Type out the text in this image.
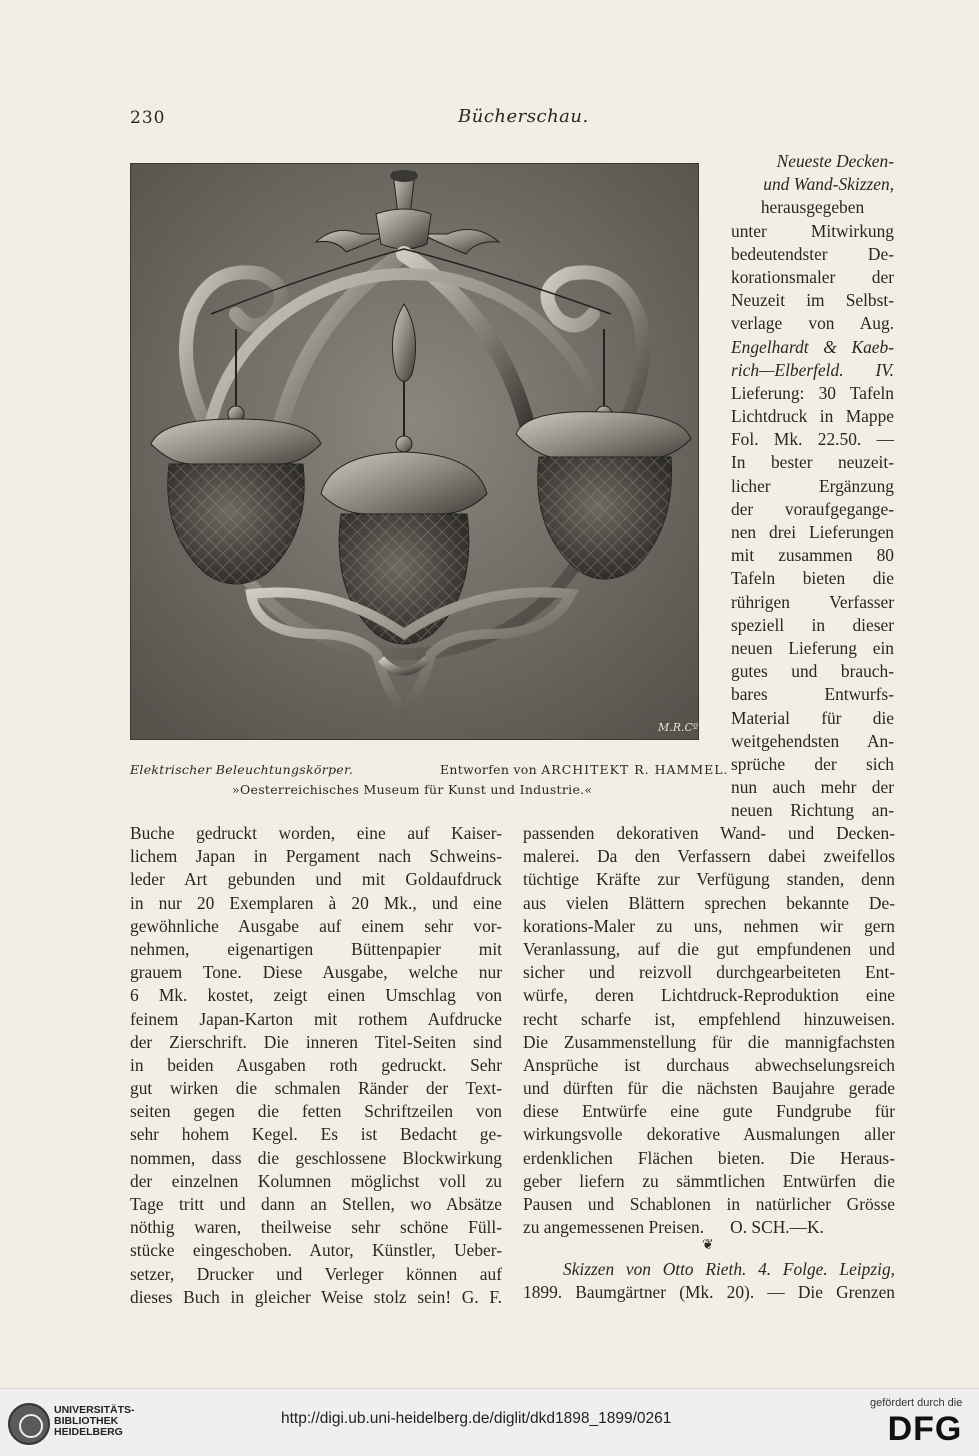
230	Bücherschau.
M.R.Cº
Elektrischer Beleuchtungskörper.	Entworfen von ARCHITEKT R. HAMMEL.
»Oesterreichisches Museum für Kunst und Industrie.«
Neueste Decken-
und Wand-Skizzen,
herausgegeben
unter Mitwirkung
bedeutendster De-
korationsmaler der
Neuzeit im Selbst-
verlage von Aug.
Engelhardt & Kaeb-
rich—Elberfeld. IV.
Lieferung: 30 Tafeln
Lichtdruck in Mappe
Fol. Mk. 22.50. —
In bester neuzeit-
licher Ergänzung
der voraufgegange-
nen drei Lieferungen
mit zusammen 80
Tafeln bieten die
rührigen Verfasser
speziell in dieser
neuen Lieferung ein
gutes und brauch-
bares Entwurfs-
Material für die
weitgehendsten An-
sprüche der sich
nun auch mehr der
neuen Richtung an-
Buche gedruckt worden, eine auf Kaiser-
lichem Japan in Pergament nach Schweins-
leder Art gebunden und mit Goldaufdruck
in nur 20 Exemplaren à 20 Mk., und eine
gewöhnliche Ausgabe auf einem sehr vor-
nehmen, eigenartigen Büttenpapier mit
grauem Tone. Diese Ausgabe, welche nur
6 Mk. kostet, zeigt einen Umschlag von
feinem Japan-Karton mit rothem Aufdrucke
der Zierschrift. Die inneren Titel-Seiten sind
in beiden Ausgaben roth gedruckt. Sehr
gut wirken die schmalen Ränder der Text-
seiten gegen die fetten Schriftzeilen von
sehr hohem Kegel. Es ist Bedacht ge-
nommen, dass die geschlossene Blockwirkung
der einzelnen Kolumnen möglichst voll zu
Tage tritt und dann an Stellen, wo Absätze
nöthig waren, theilweise sehr schöne Füll-
stücke eingeschoben. Autor, Künstler, Ueber-
setzer, Drucker und Verleger können auf
dieses Buch in gleicher Weise stolz sein! G. F.
passenden dekorativen Wand- und Decken-
malerei. Da den Verfassern dabei zweifellos
tüchtige Kräfte zur Verfügung standen, denn
aus vielen Blättern sprechen bekannte De-
korations-Maler zu uns, nehmen wir gern
Veranlassung, auf die gut empfundenen und
sicher und reizvoll durchgearbeiteten Ent-
würfe, deren Lichtdruck-Reproduktion eine
recht scharfe ist, empfehlend hinzuweisen.
Die Zusammenstellung für die mannigfachsten
Ansprüche ist durchaus abwechselungsreich
und dürften für die nächsten Baujahre gerade
diese Entwürfe eine gute Fundgrube für
wirkungsvolle dekorative Ausmalungen aller
erdenklichen Flächen bieten. Die Heraus-
geber liefern zu sämmtlichen Entwürfen die
Pausen und Schablonen in natürlicher Grösse
zu angemessenen Preisen.      O. SCH.—K.
❦
Skizzen von Otto Rieth. 4. Folge. Leipzig,
1899. Baumgärtner (Mk. 20). — Die Grenzen
UNIVERSITÄTS-
BIBLIOTHEK
HEIDELBERG
http://digi.ub.uni-heidelberg.de/diglit/dkd1898_1899/0261
gefördert durch die
DFG
